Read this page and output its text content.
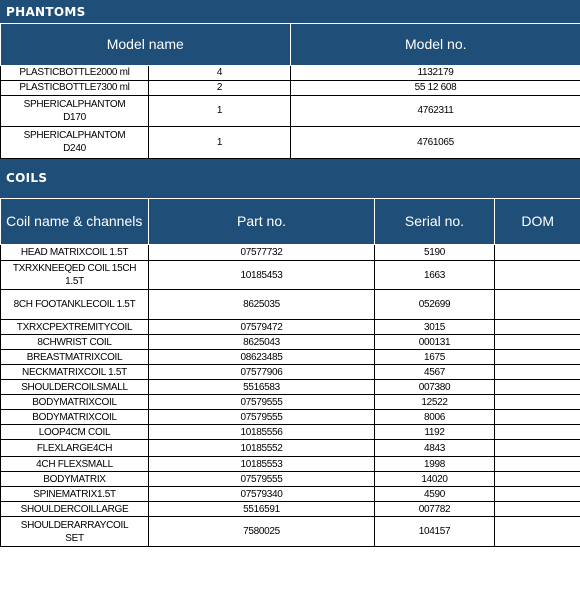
PHANTOMS
Model name		Model no.
PLASTICBOTTLE2000 ml	4	1132179
PLASTICBOTTLE7300 ml	2	55 12 608
SPHERICALPHANTOM D170	1	4762311
SPHERICALPHANTOM D240	1	4761065
COILS
Coil name & channels	Part no.	Serial no.	DOM
HEAD MATRIXCOIL 1.5T	07577732	5190	
TXRXKNEEQED COIL 15CH 1.5T	10185453	1663	
8CH FOOTANKLECOIL 1.5T	8625035	052699	
TXRXCPEXTREMITYCOIL	07579472	3015	
8CHWRIST COIL	8625043	000131	
BREASTMATRIXCOIL	08623485	1675	
NECKMATRIXCOIL 1.5T	07577906	4567	
SHOULDERCOILSMALL	5516583	007380	
BODYMATRIXCOIL	07579555	12522	
BODYMATRIXCOIL	07579555	8006	
LOOP4CM COIL	10185556	1192	
FLEXLARGE4CH	10185552	4843	
4CH FLEXSMALL	10185553	1998	
BODYMATRIX	07579555	14020	
SPINEMATRIX1.5T	07579340	4590	
SHOULDERCOILLARGE	5516591	007782	
SHOULDERARRAYCOIL SET	7580025	104157	
